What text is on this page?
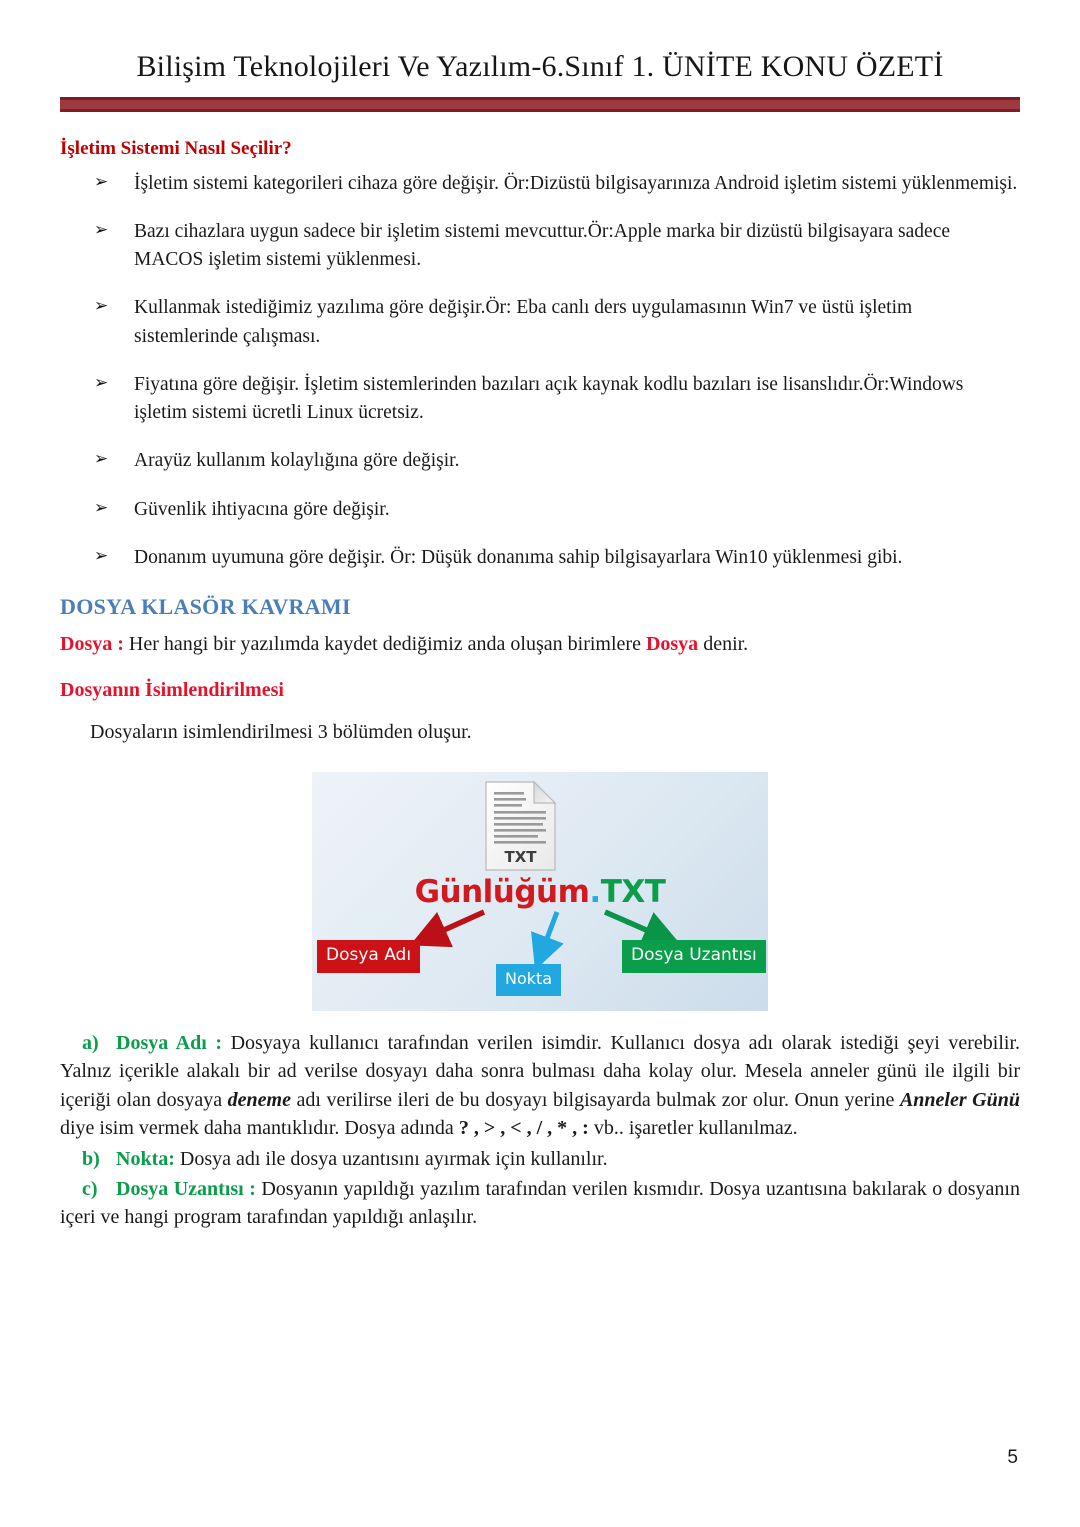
Bilişim Teknolojileri Ve Yazılım-6.Sınıf 1. ÜNİTE KONU ÖZETİ
İşletim Sistemi Nasıl Seçilir?
➢ İşletim sistemi kategorileri cihaza göre değişir. Ör:Dizüstü bilgisayarınıza Android işletim sistemi yüklenmemişi.
➢ Bazı cihazlara uygun sadece bir işletim sistemi mevcuttur.Ör:Apple marka bir dizüstü bilgisayara sadece MACOS işletim sistemi yüklenmesi.
➢ Kullanmak istediğimiz yazılıma göre değişir.Ör: Eba canlı ders uygulamasının Win7 ve üstü işletim sistemlerinde çalışması.
➢ Fiyatına göre değişir. İşletim sistemlerinden bazıları açık kaynak kodlu bazıları ise lisanslıdır.Ör:Windows işletim sistemi ücretli Linux ücretsiz.
➢ Arayüz kullanım kolaylığına göre değişir.
➢ Güvenlik ihtiyacına göre değişir.
➢ Donanım uyumuna göre değişir. Ör: Düşük donanıma sahip bilgisayarlara Win10 yüklenmesi gibi.
DOSYA KLASÖR KAVRAMI
Dosya : Her hangi bir yazılımda kaydet dediğimiz anda oluşan birimlere Dosya denir.
Dosyanın İsimlendirilmesi
Dosyaların isimlendirilmesi 3 bölümden oluşur.
TXT
Günlüğüm.TXT
Dosya Adı
Nokta
Dosya Uzantısı
a) Dosya Adı : Dosyaya kullanıcı tarafından verilen isimdir. Kullanıcı dosya adı olarak istediği şeyi verebilir. Yalnız içerikle alakalı bir ad verilse dosyayı daha sonra bulması daha kolay olur. Mesela anneler günü ile ilgili bir içeriği olan dosyaya deneme adı verilirse ileri de bu dosyayı bilgisayarda bulmak zor olur. Onun yerine Anneler Günü diye isim vermek daha mantıklıdır. Dosya adında ? , > , < , / , * , : vb.. işaretler kullanılmaz.
b) Nokta: Dosya adı ile dosya uzantısını ayırmak için kullanılır.
c) Dosya Uzantısı : Dosyanın yapıldığı yazılım tarafından verilen kısmıdır. Dosya uzantısına bakılarak o dosyanın içeri ve hangi program tarafından yapıldığı anlaşılır.
5
